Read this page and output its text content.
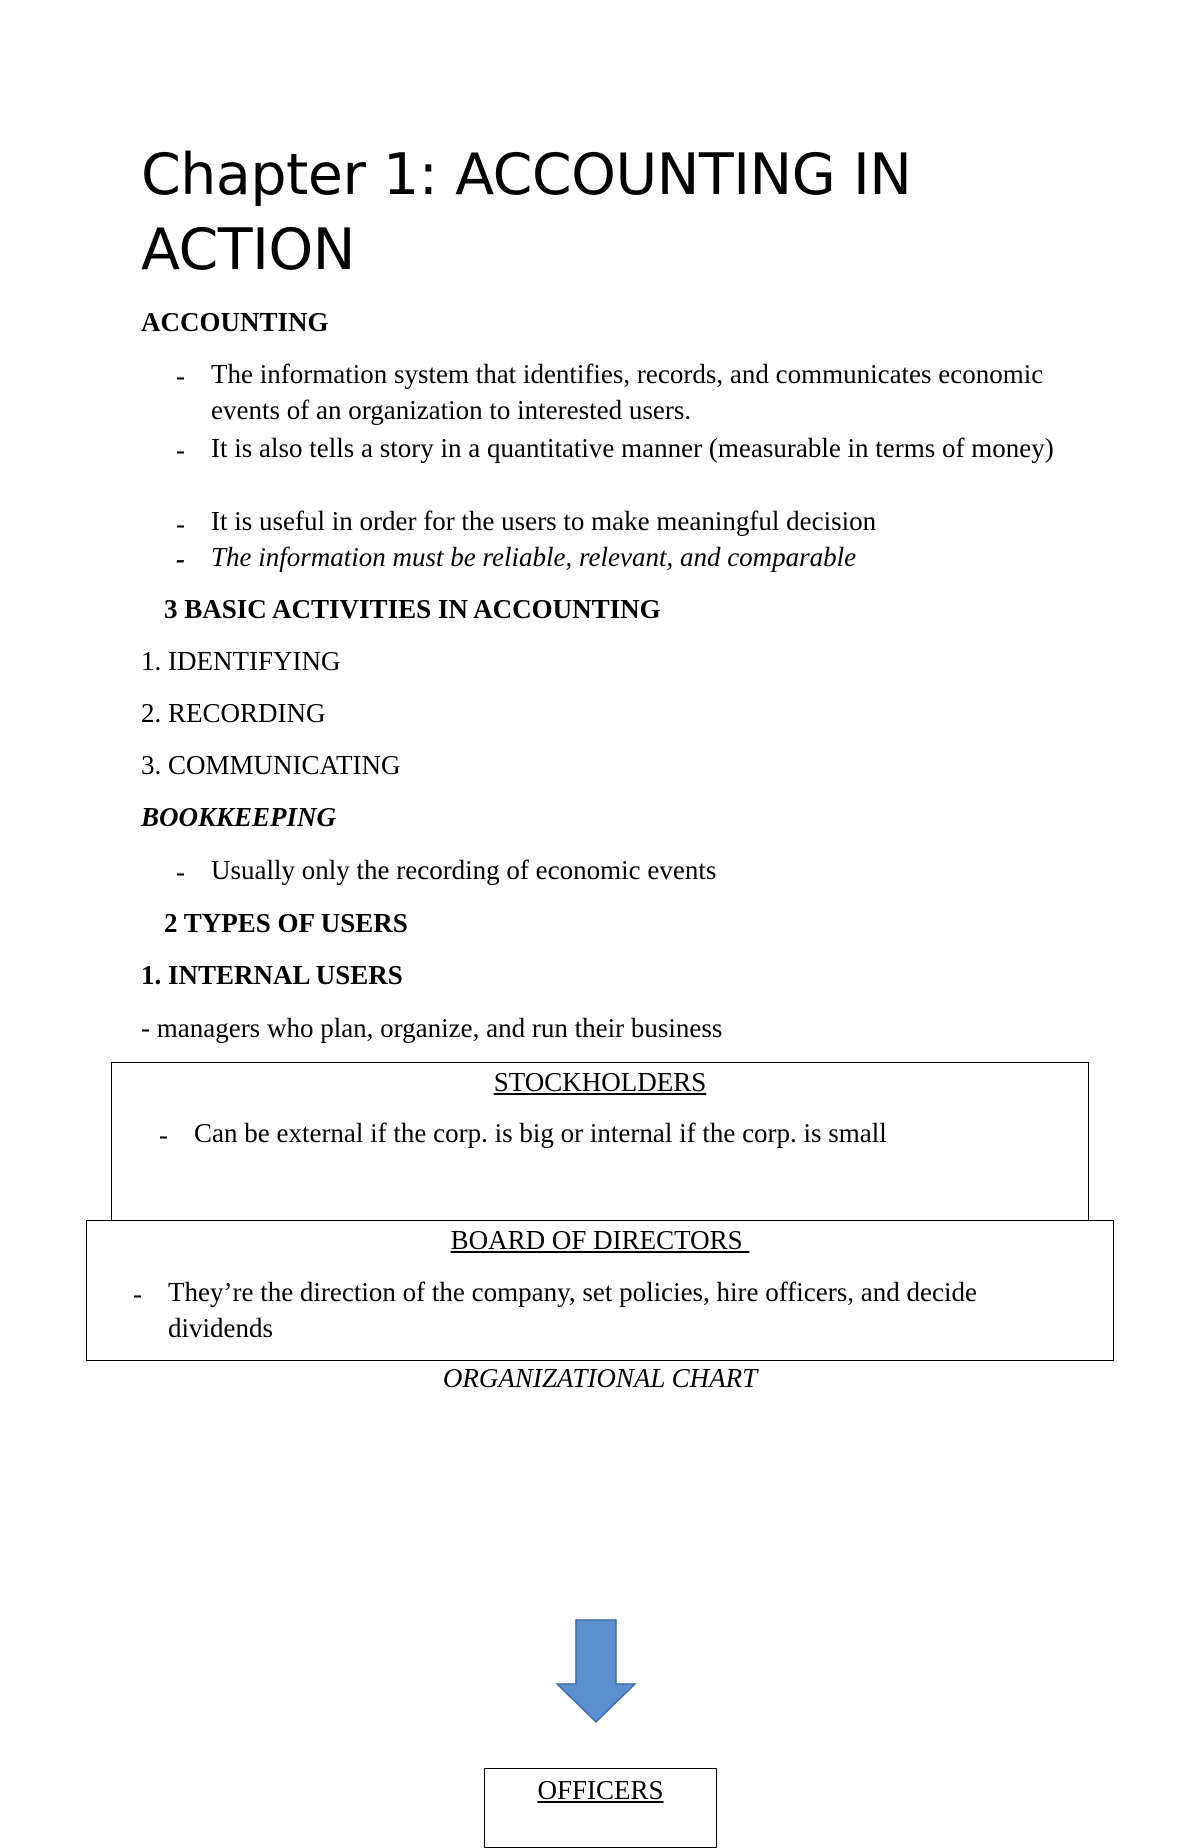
Chapter 1: ACCOUNTING IN ACTION

ACCOUNTING

- The information system that identifies, records, and communicates economic events of an organization to interested users.

- It is also tells a story in a quantitative manner (measurable in terms of money)

- It is useful in order for the users to make meaningful decision

- The information must be reliable, relevant, and comparable

3 BASIC ACTIVITIES IN ACCOUNTING

1. IDENTIFYING

2. RECORDING

3. COMMUNICATING

BOOKKEEPING

- Usually only the recording of economic events

2 TYPES OF USERS

1. INTERNAL USERS

- managers who plan, organize, and run their business

STOCKHOLDERS
- Can be external if the corp. is big or internal if the corp. is small

BOARD OF DIRECTORS
- They’re the direction of the company, set policies, hire officers, and decide dividends

ORGANIZATIONAL CHART

OFFICERS
